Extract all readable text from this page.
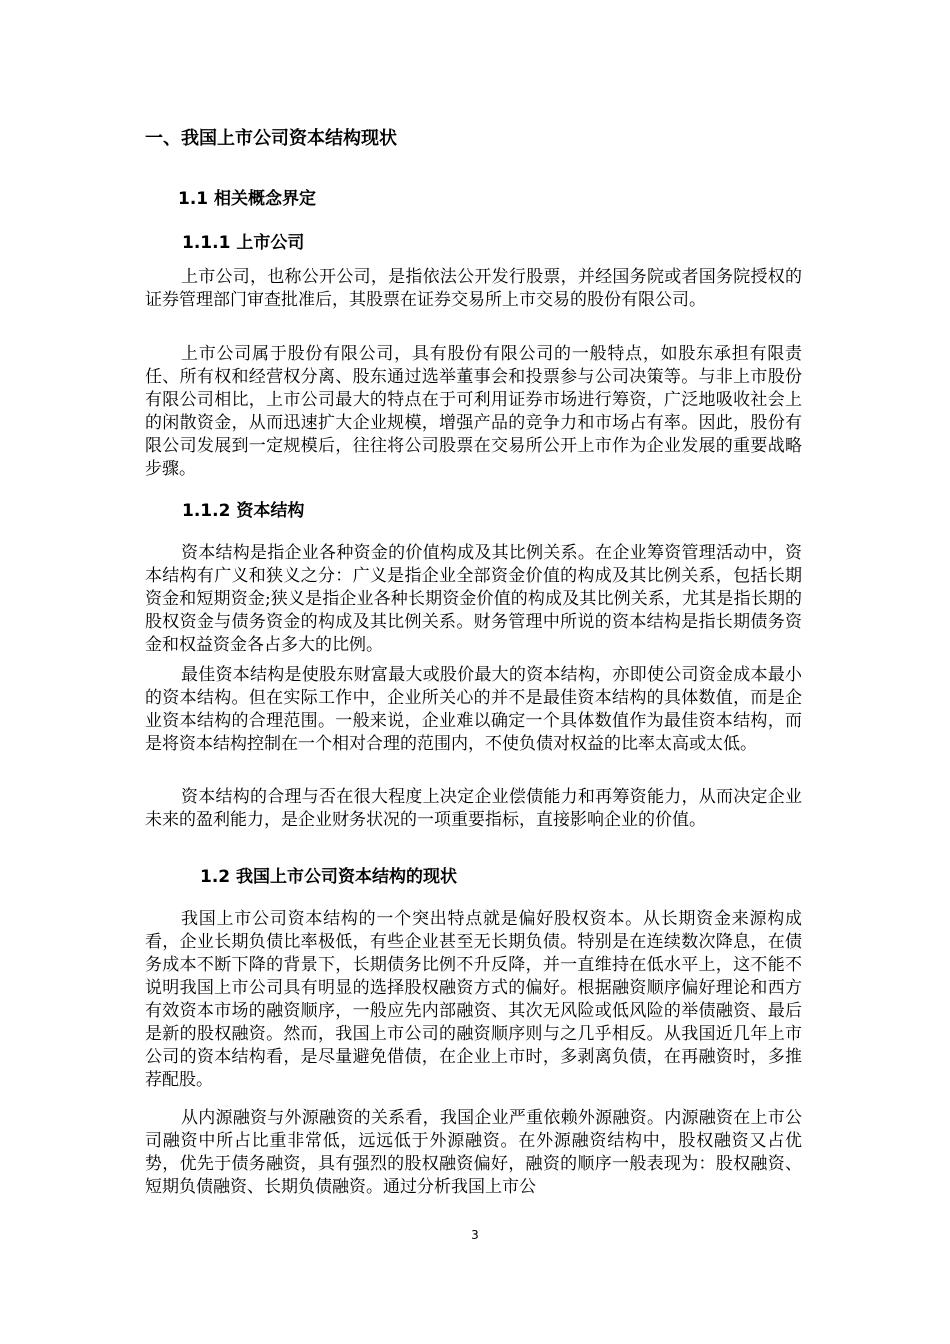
一、我国上市公司资本结构现状
1.1 相关概念界定
1.1.1 上市公司

上市公司，也称公开公司，是指依法公开发行股票，并经国务院或者国务院授权的证券管理部门审查批准后，其股票在证券交易所上市交易的股份有限公司。

上市公司属于股份有限公司，具有股份有限公司的一般特点，如股东承担有限责任、所有权和经营权分离、股东通过选举董事会和投票参与公司决策等。与非上市股份有限公司相比，上市公司最大的特点在于可利用证券市场进行筹资，广泛地吸收社会上的闲散资金，从而迅速扩大企业规模，增强产品的竞争力和市场占有率。因此，股份有限公司发展到一定规模后，往往将公司股票在交易所公开上市作为企业发展的重要战略步骤。

1.1.2 资本结构

资本结构是指企业各种资金的价值构成及其比例关系。在企业筹资管理活动中，资本结构有广义和狭义之分：广义是指企业全部资金价值的构成及其比例关系，包括长期资金和短期资金;狭义是指企业各种长期资金价值的构成及其比例关系，尤其是指长期的股权资金与债务资金的构成及其比例关系。财务管理中所说的资本结构是指长期债务资金和权益资金各占多大的比例。

最佳资本结构是使股东财富最大或股价最大的资本结构，亦即使公司资金成本最小的资本结构。但在实际工作中，企业所关心的并不是最佳资本结构的具体数值，而是企业资本结构的合理范围。一般来说，企业难以确定一个具体数值作为最佳资本结构，而是将资本结构控制在一个相对合理的范围内，不使负债对权益的比率太高或太低。

资本结构的合理与否在很大程度上决定企业偿债能力和再筹资能力，从而决定企业未来的盈利能力，是企业财务状况的一项重要指标，直接影响企业的价值。

1.2 我国上市公司资本结构的现状

我国上市公司资本结构的一个突出特点就是偏好股权资本。从长期资金来源构成看，企业长期负债比率极低，有些企业甚至无长期负债。特别是在连续数次降息，在债务成本不断下降的背景下，长期债务比例不升反降，并一直维持在低水平上，这不能不说明我国上市公司具有明显的选择股权融资方式的偏好。根据融资顺序偏好理论和西方有效资本市场的融资顺序，一般应先内部融资、其次无风险或低风险的举债融资、最后是新的股权融资。然而，我国上市公司的融资顺序则与之几乎相反。从我国近几年上市公司的资本结构看，是尽量避免借债，在企业上市时，多剥离负债，在再融资时，多推荐配股。

从内源融资与外源融资的关系看，我国企业严重依赖外源融资。内源融资在上市公司融资中所占比重非常低，远远低于外源融资。在外源融资结构中，股权融资又占优势，优先于债务融资，具有强烈的股权融资偏好，融资的顺序一般表现为：股权融资、短期负债融资、长期负债融资。通过分析我国上市公

3
